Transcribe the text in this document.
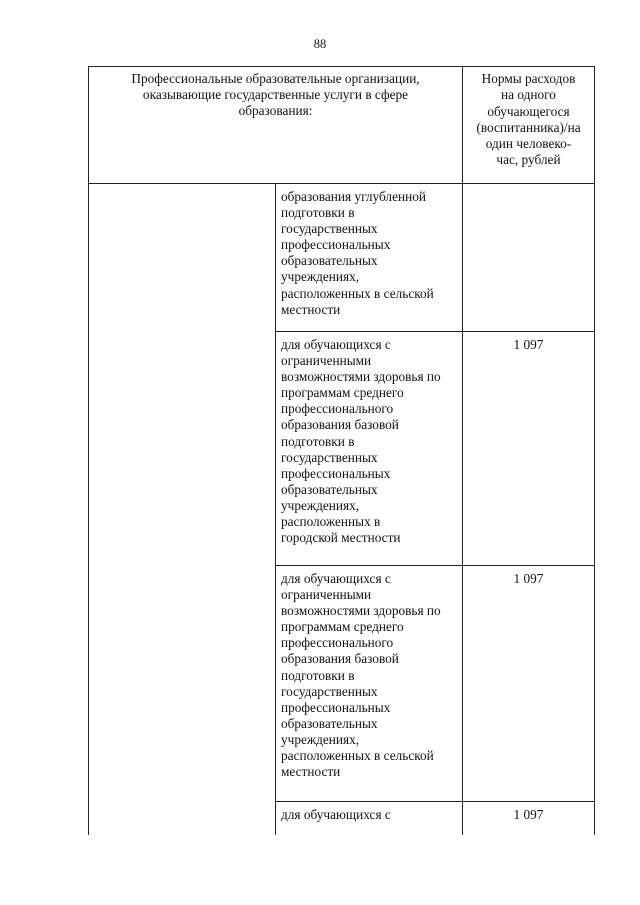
88
Профессиональные образовательные организации,
оказывающие государственные услуги в сфере
образования:
Нормы расходов
на одного
обучающегося
(воспитанника)/на
один человеко-
час, рублей
образования углубленной
подготовки в
государственных
профессиональных
образовательных
учреждениях,
расположенных в сельской
местности
для обучающихся с
ограниченными
возможностями здоровья по
программам среднего
профессионального
образования базовой
подготовки в
государственных
профессиональных
образовательных
учреждениях,
расположенных в
городской местности
1 097
для обучающихся с
ограниченными
возможностями здоровья по
программам среднего
профессионального
образования базовой
подготовки в
государственных
профессиональных
образовательных
учреждениях,
расположенных в сельской
местности
1 097
для обучающихся с	1 097
